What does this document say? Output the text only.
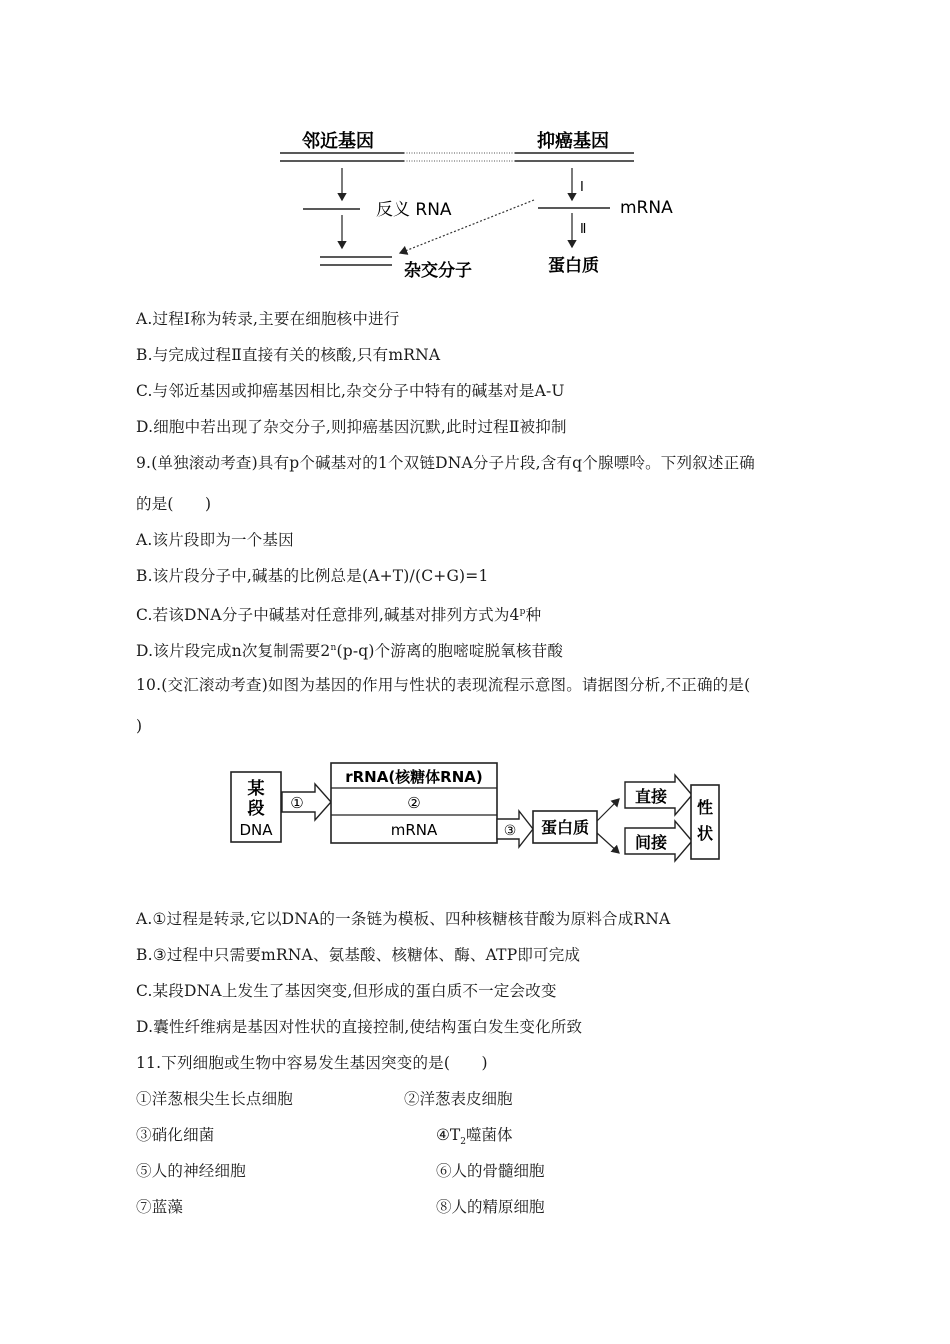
邻近基因	抑癌基因
反义 RNA
杂交分子
I
mRNA
Ⅱ
蛋白质
A.过程Ⅰ称为转录,主要在细胞核中进行
B.与完成过程Ⅱ直接有关的核酸,只有mRNA
C.与邻近基因或抑癌基因相比,杂交分子中特有的碱基对是A-U
D.细胞中若出现了杂交分子,则抑癌基因沉默,此时过程Ⅱ被抑制
9.(单独滚动考查)具有p个碱基对的1个双链DNA分子片段,含有q个腺嘌呤。下列叙述正确
的是(　　)
A.该片段即为一个基因
B.该片段分子中,碱基的比例总是(A+T)/(C+G)=1
C.若该DNA分子中碱基对任意排列,碱基对排列方式为4$^p$种
D.该片段完成n次复制需要2$^n$(p-q)个游离的胞嘧啶脱氧核苷酸
10.(交汇滚动考查)如图为基因的作用与性状的表现流程示意图。请据图分析,不正确的是(
)
某
段
DNA
①
rRNA(核糖体RNA)
②
mRNA	③ 蛋白质
直接
间接
性
状
A.①过程是转录,它以DNA的一条链为模板、四种核糖核苷酸为原料合成RNA
B.③过程中只需要mRNA、氨基酸、核糖体、酶、ATP即可完成
C.某段DNA上发生了基因突变,但形成的蛋白质不一定会改变
D.囊性纤维病是基因对性状的直接控制,使结构蛋白发生变化所致
11.下列细胞或生物中容易发生基因突变的是(　　)
①洋葱根尖生长点细胞	②洋葱表皮细胞
③硝化细菌	$④T_2$噬菌体
⑤人的神经细胞	⑥人的骨髓细胞
⑦蓝藻	⑧人的精原细胞
